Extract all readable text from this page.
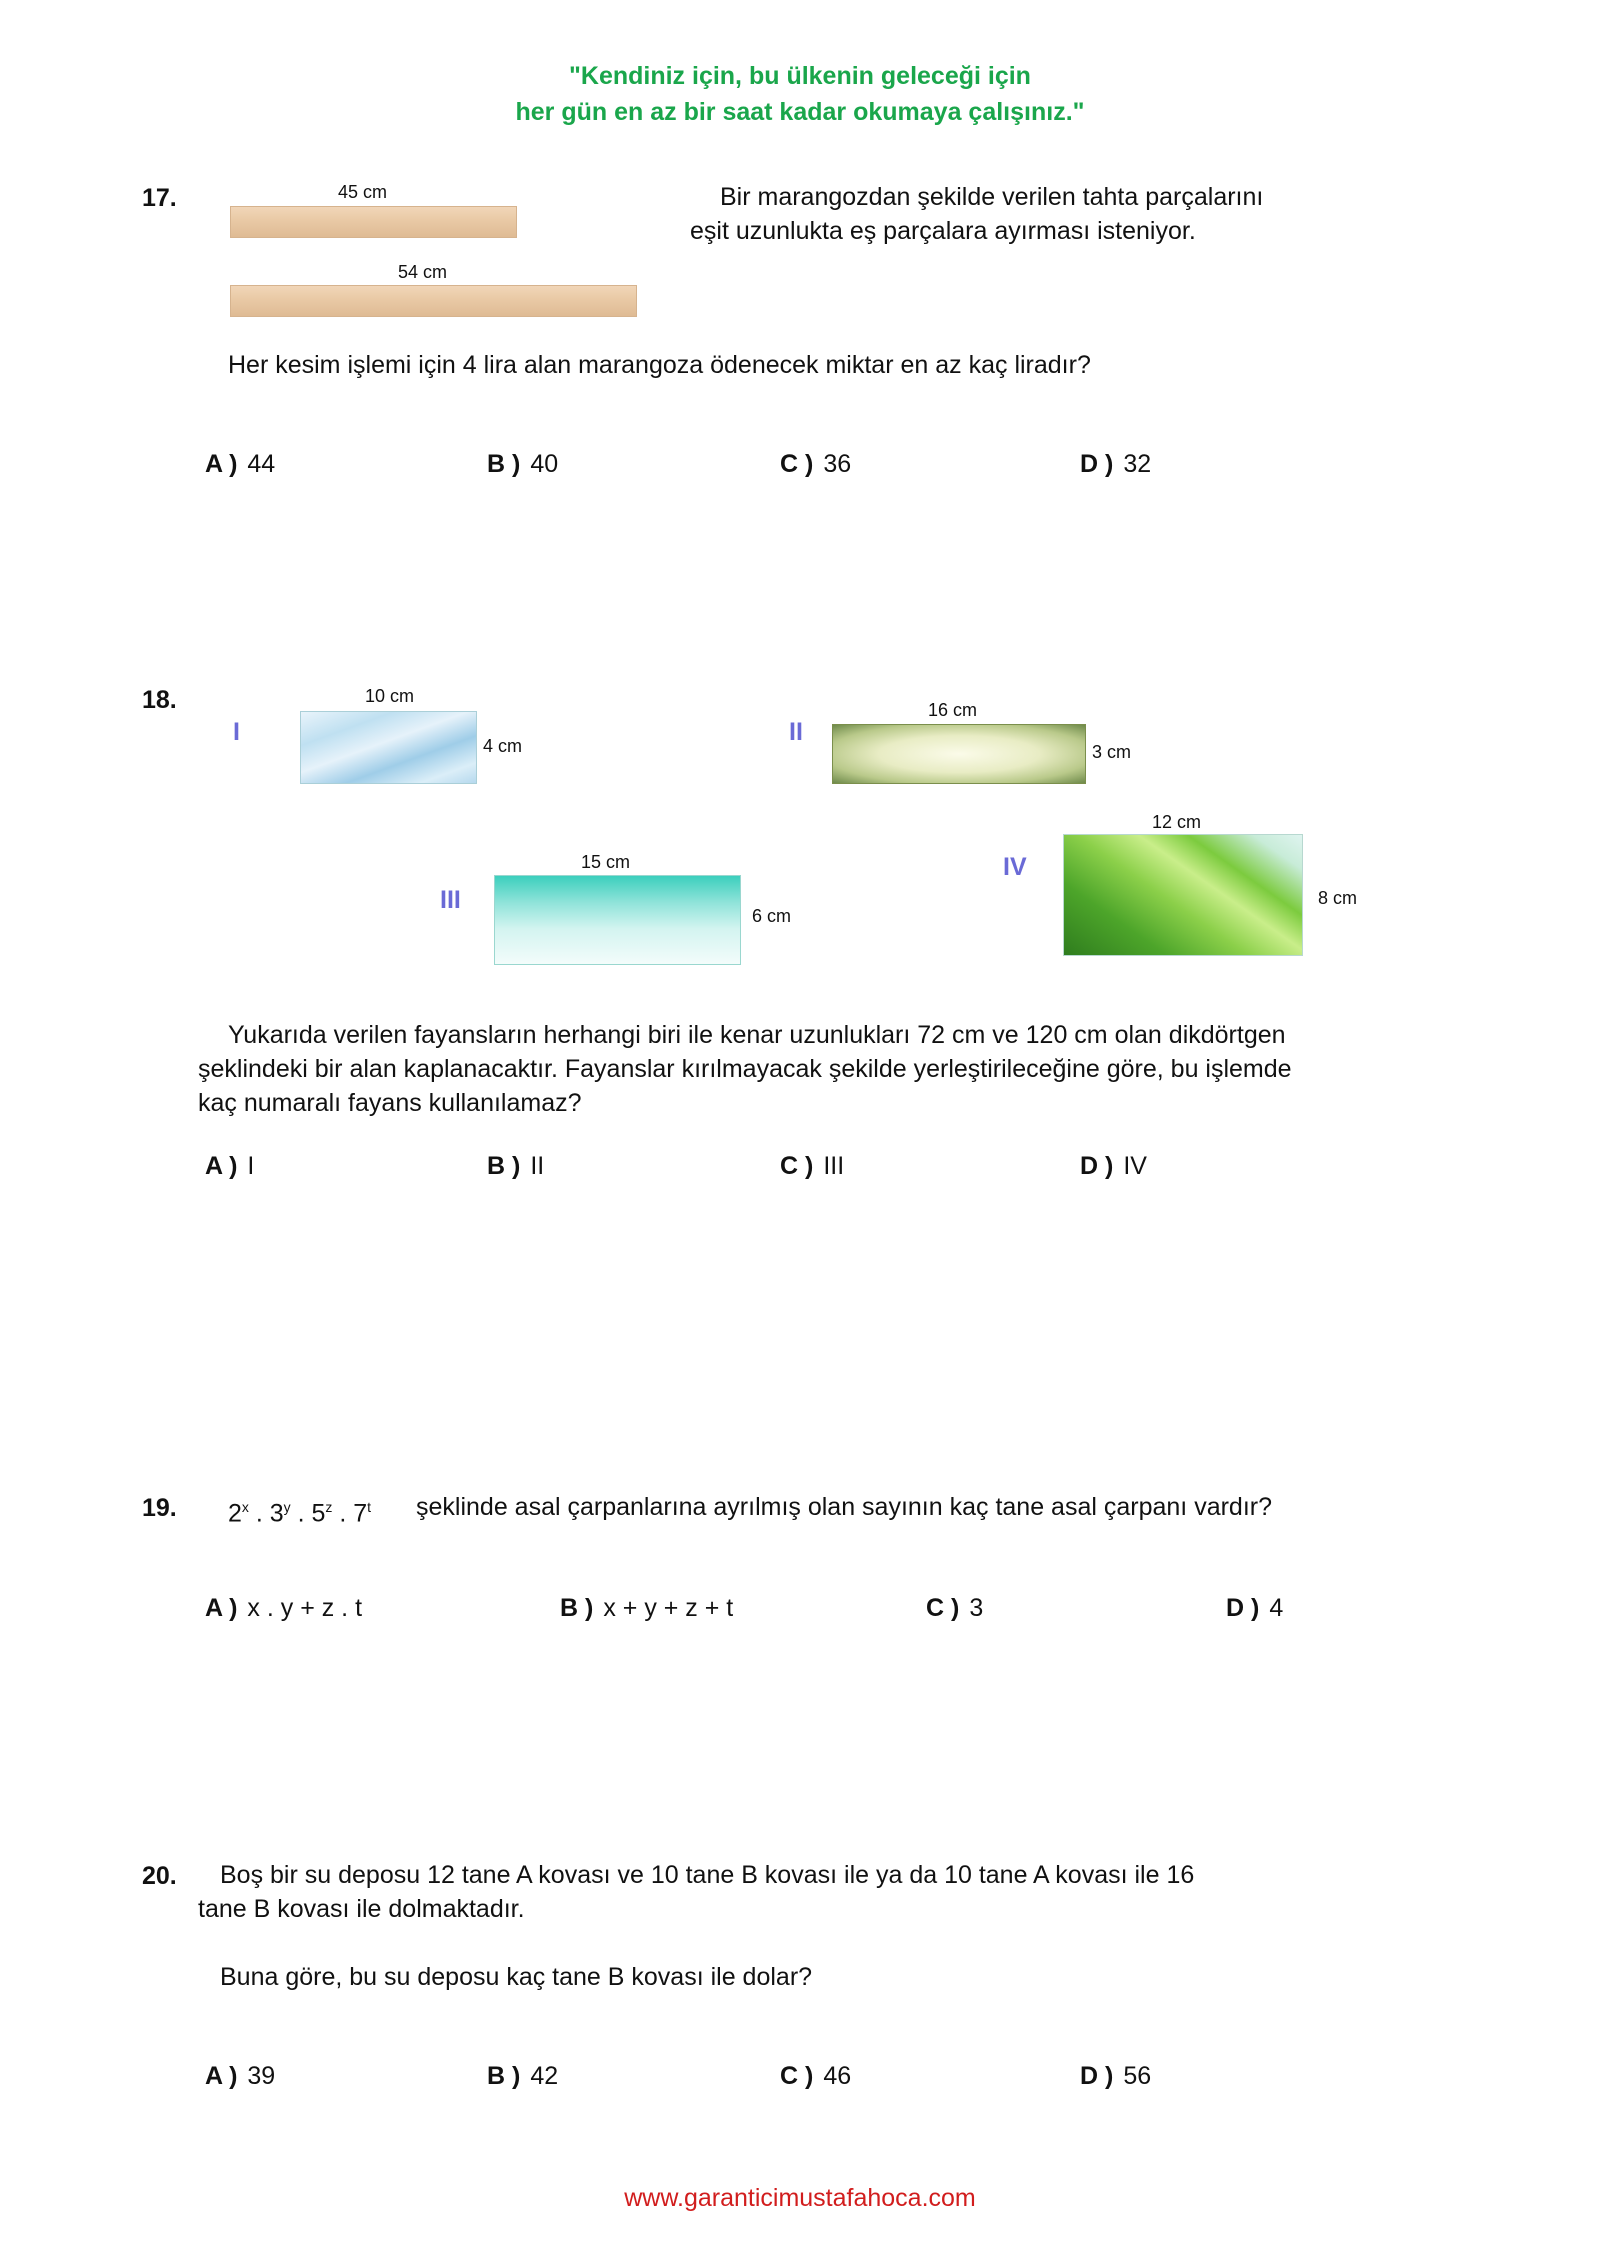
"Kendiniz için, bu ülkenin geleceği için
her gün en az bir saat kadar okumaya çalışınız."
17.	45 cm
54 cm
Bir marangozdan şekilde verilen tahta parçalarını
eşit uzunlukta eş parçalara ayırması isteniyor.
Her kesim işlemi için 4 lira alan marangoza ödenecek miktar en az kaç liradır?
A ) 44	B ) 40	C ) 36	D ) 32
18.
I
10 cm
4 cm	II
16 cm
3 cm
III
15 cm
6 cm
IV
12 cm
8 cm
Yukarıda verilen fayansların herhangi biri ile kenar uzunlukları 72 cm ve 120 cm olan dikdörtgen
şeklindeki bir alan kaplanacaktır. Fayanslar kırılmayacak şekilde yerleştirileceğine göre, bu işlemde
kaç numaralı fayans kullanılamaz?
A ) I	B ) II	C ) III	D ) IV
19. 2$^x$ . 3$^y$ . 5$^z$ . 7$^t$ şeklinde asal çarpanlarına ayrılmış olan sayının kaç tane asal çarpanı vardır?
A ) x . y + z . t	B ) x + y + z + t	C ) 3	D ) 4
20. Boş bir su deposu 12 tane A kovası ve 10 tane B kovası ile ya da 10 tane A kovası ile 16
tane B kovası ile dolmaktadır.
Buna göre, bu su deposu kaç tane B kovası ile dolar?
A ) 39	B ) 42	C ) 46	D ) 56
www.garanticimustafahoca.com
